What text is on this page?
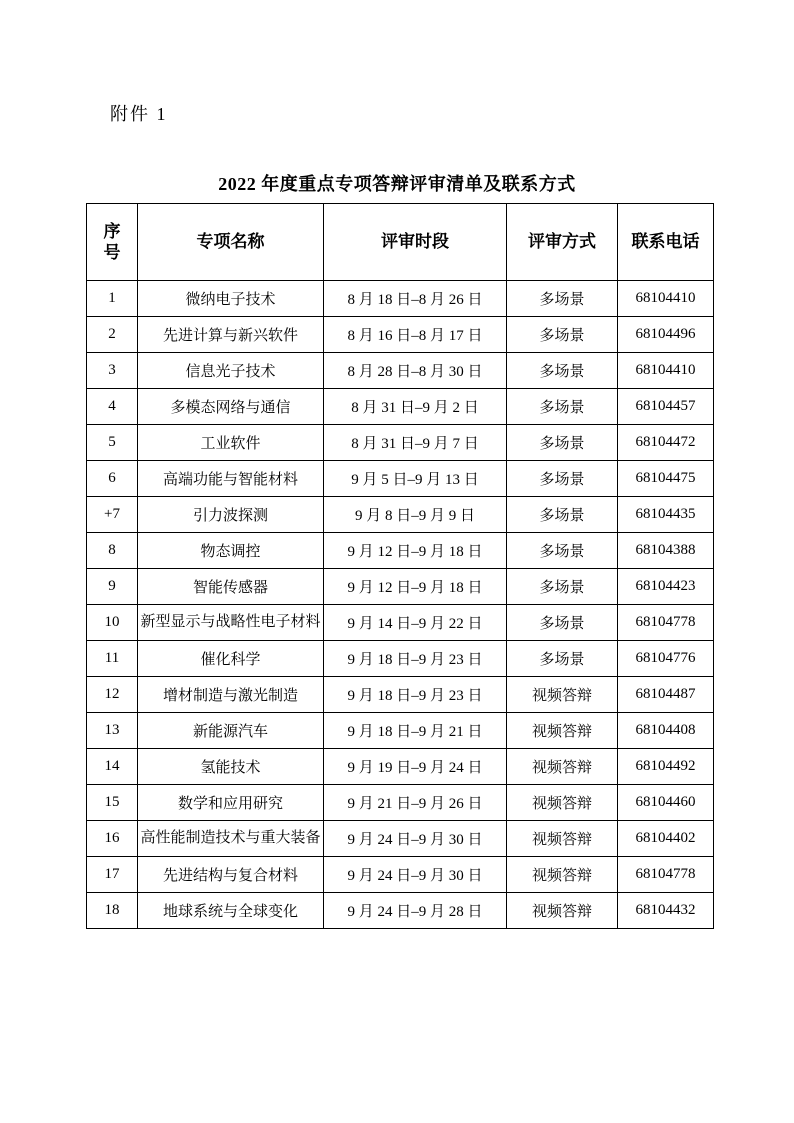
附件 1
2022 年度重点专项答辩评审清单及联系方式
序
号	专项名称	评审时段	评审方式	联系电话
1	微纳电子技术	8 月 18 日–8 月 26 日	多场景	68104410
2	先进计算与新兴软件	8 月 16 日–8 月 17 日	多场景	68104496
3	信息光子技术	8 月 28 日–8 月 30 日	多场景	68104410
4	多模态网络与通信	8 月 31 日–9 月 2 日	多场景	68104457
5	工业软件	8 月 31 日–9 月 7 日	多场景	68104472
6	高端功能与智能材料	9 月 5 日–9 月 13 日	多场景	68104475
+7	引力波探测	9 月 8 日–9 月 9 日	多场景	68104435
8	物态调控	9 月 12 日–9 月 18 日	多场景	68104388
9	智能传感器	9 月 12 日–9 月 18 日	多场景	68104423
10	新型显示与战略性电子材料	9 月 14 日–9 月 22 日	多场景	68104778
11	催化科学	9 月 18 日–9 月 23 日	多场景	68104776
12	增材制造与激光制造	9 月 18 日–9 月 23 日	视频答辩	68104487
13	新能源汽车	9 月 18 日–9 月 21 日	视频答辩	68104408
14	氢能技术	9 月 19 日–9 月 24 日	视频答辩	68104492
15	数学和应用研究	9 月 21 日–9 月 26 日	视频答辩	68104460
16	高性能制造技术与重大装备	9 月 24 日–9 月 30 日	视频答辩	68104402
17	先进结构与复合材料	9 月 24 日–9 月 30 日	视频答辩	68104778
18	地球系统与全球变化	9 月 24 日–9 月 28 日	视频答辩	68104432
